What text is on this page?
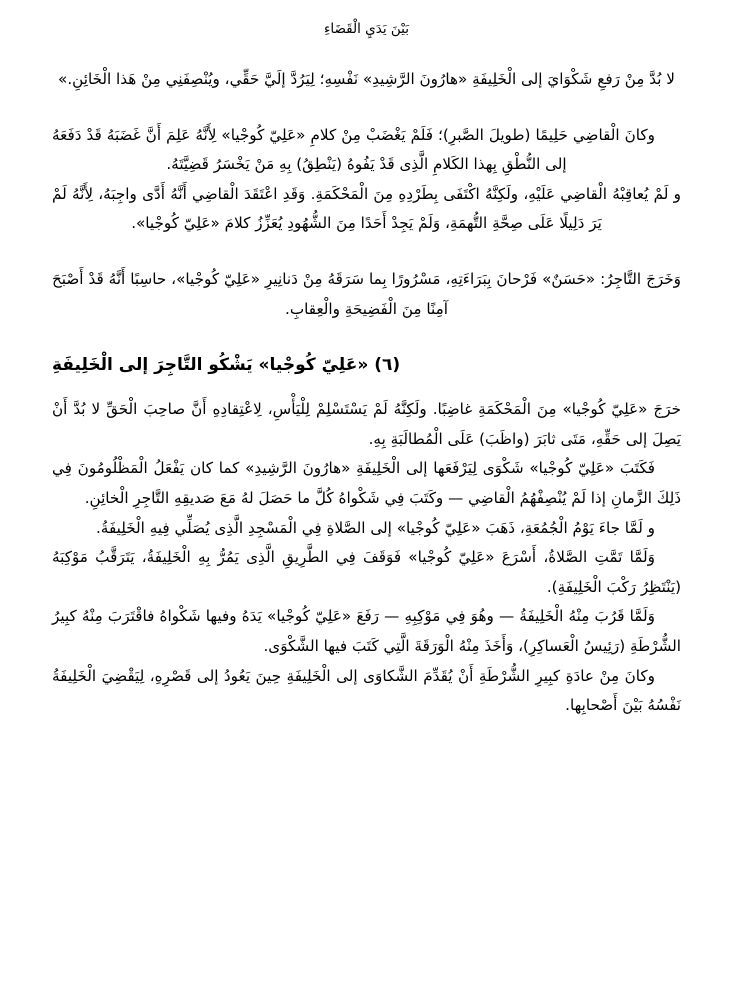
بَيْنَ يَدَيِ الْقَضَاءِ

لا بُدَّ مِنْ رَفعِ شَكْوَايَ إلى الْخَلِيفَةِ «هارُونَ الرَّشِيدِ» نَفْسِهِ؛ لِيَرُدَّ إلَيَّ حَقِّي، ويُنْصِفَنِي مِنْ هَذا الْخَائِنِ.»

وكانَ الْقاضِي حَلِيمًا (طويلَ الصَّبرِ)؛ فَلَمْ يَغْضَبْ مِنْ كلامِ «عَلِيّ كُوجْيا» لِأَنَّهُ عَلِمَ أَنَّ غَضَبَهُ قَدْ دَفَعَهُ إلى النُّطْقِ بِهذا الكَلامِ الَّذِى قَدْ يَفُوهُ (يَنْطِقُ) بِهِ مَنْ يَخْسَرُ قَضِيَّتَهُ.

و لَمْ يُعاقِبْهُ الْقاضِي عَلَيْهِ، ولَكِنَّهُ اكْتَفَى بِطَرْدِهِ مِنَ الْمَحْكَمَةِ. وَقَدِ اعْتَقَدَ الْقاضِي أَنَّهُ أَدَّى واجِبَهُ، لِأَنَّهُ لَمْ يَرَ دَلِيلًا عَلَى صِحَّةِ التُّهمَةِ، وَلَمْ يَجِدْ أَحَدًا مِنَ الشُّهُودِ يُعَزِّزُ كلامَ «عَلِيّ كُوجْيا».

وَخَرَجَ التَّاجِرُ: «حَسَنٌ» فَرْحانَ بِبَرَاءَتِهِ، مَسْرُورًا بِما سَرَقَهُ مِنْ دَنانِيرِ «عَلِيّ كُوجْيا»، حاسِبًا أَنَّهُ قَدْ أَصْبَحَ آمِنًا مِنَ الْفَضِيحَةِ والْعِقابِ.

(٦) «عَلِيّ كُوجْيا» يَشْكُو التَّاجِرَ إلى الْخَلِيفَةِ

خرَجَ «عَلِيّ كُوجْيا» مِنَ الْمَحْكَمَةِ غاضِبًا. ولَكِنَّهُ لَمْ يَسْتَسْلِمْ لِلْيَأْسِ، لِاعْتِقادِهِ أَنَّ صاحِبَ الْحَقِّ لا بُدَّ أَنْ يَصِلَ إلى حَقِّهِ، مَتَى ثابَرَ (واظَبَ) عَلَى الْمُطالَبَةِ بِهِ.

فَكَتَبَ «عَلِيّ كُوجْيا» شَكْوَى لِيَرْفَعَها إلى الْخَلِيفَةِ «هارُونَ الرَّشِيدِ» كما كان يَفْعَلُ الْمَظْلُومُونَ فِي ذَلِكَ الزَّمانِ إذا لَمْ يُنْصِفْهُمُ الْقاضِي — وكَتَبَ فِي شَكْواهُ كُلَّ ما حَصَلَ لهُ مَعَ صَديقِهِ التَّاجِرِ الْخائِنِ.

و لَمَّا جاءَ يَوْمُ الْجُمُعَةِ، ذَهَبَ «عَلِيّ كُوجْيا» إلى الصَّلاةِ فِي الْمَسْجِدِ الَّذِى يُصَلِّي فِيهِ الْخَلِيفَةُ.

وَلَمَّا تَمَّتِ الصَّلاةُ، أَسْرَعَ «عَلِيّ كُوجْيا» فَوَقَفَ فِي الطَّرِيقِ الَّذِى يَمُرُّ بِهِ الْخَلِيفَةُ، يَتَرَقَّبُ مَوْكِبَهُ (يَنْتَظِرُ رَكْبَ الْخَلِيفَةِ).

وَلَمَّا قَرُبَ مِنْهُ الْخَلِيفَةُ — وهُوَ فِي مَوْكِبِهِ — رَفَعَ «عَلِيّ كُوجْيا» يَدَهُ وفيها شَكْواهُ فاقْتَرَبَ مِنْهُ كبِيرُ الشُّرْطَةِ (رَئِيسُ الْعَساكِرِ)، وَأَخَذَ مِنْهُ الْوَرَقَةَ الَّتِي كَتَبَ فيها الشَّكْوَى.

وكانَ مِنْ عادَةِ كبِيرِ الشُّرْطَةِ أَنْ يُقَدِّمَ الشَّكاوَى إلى الْخَلِيفَةِ حِينَ يَعُودُ إلى قَصْرِهِ، لِيَقْضِيَ الْخَلِيفَةُ نَفْسُهُ بَيْنَ أَصْحابِها.
